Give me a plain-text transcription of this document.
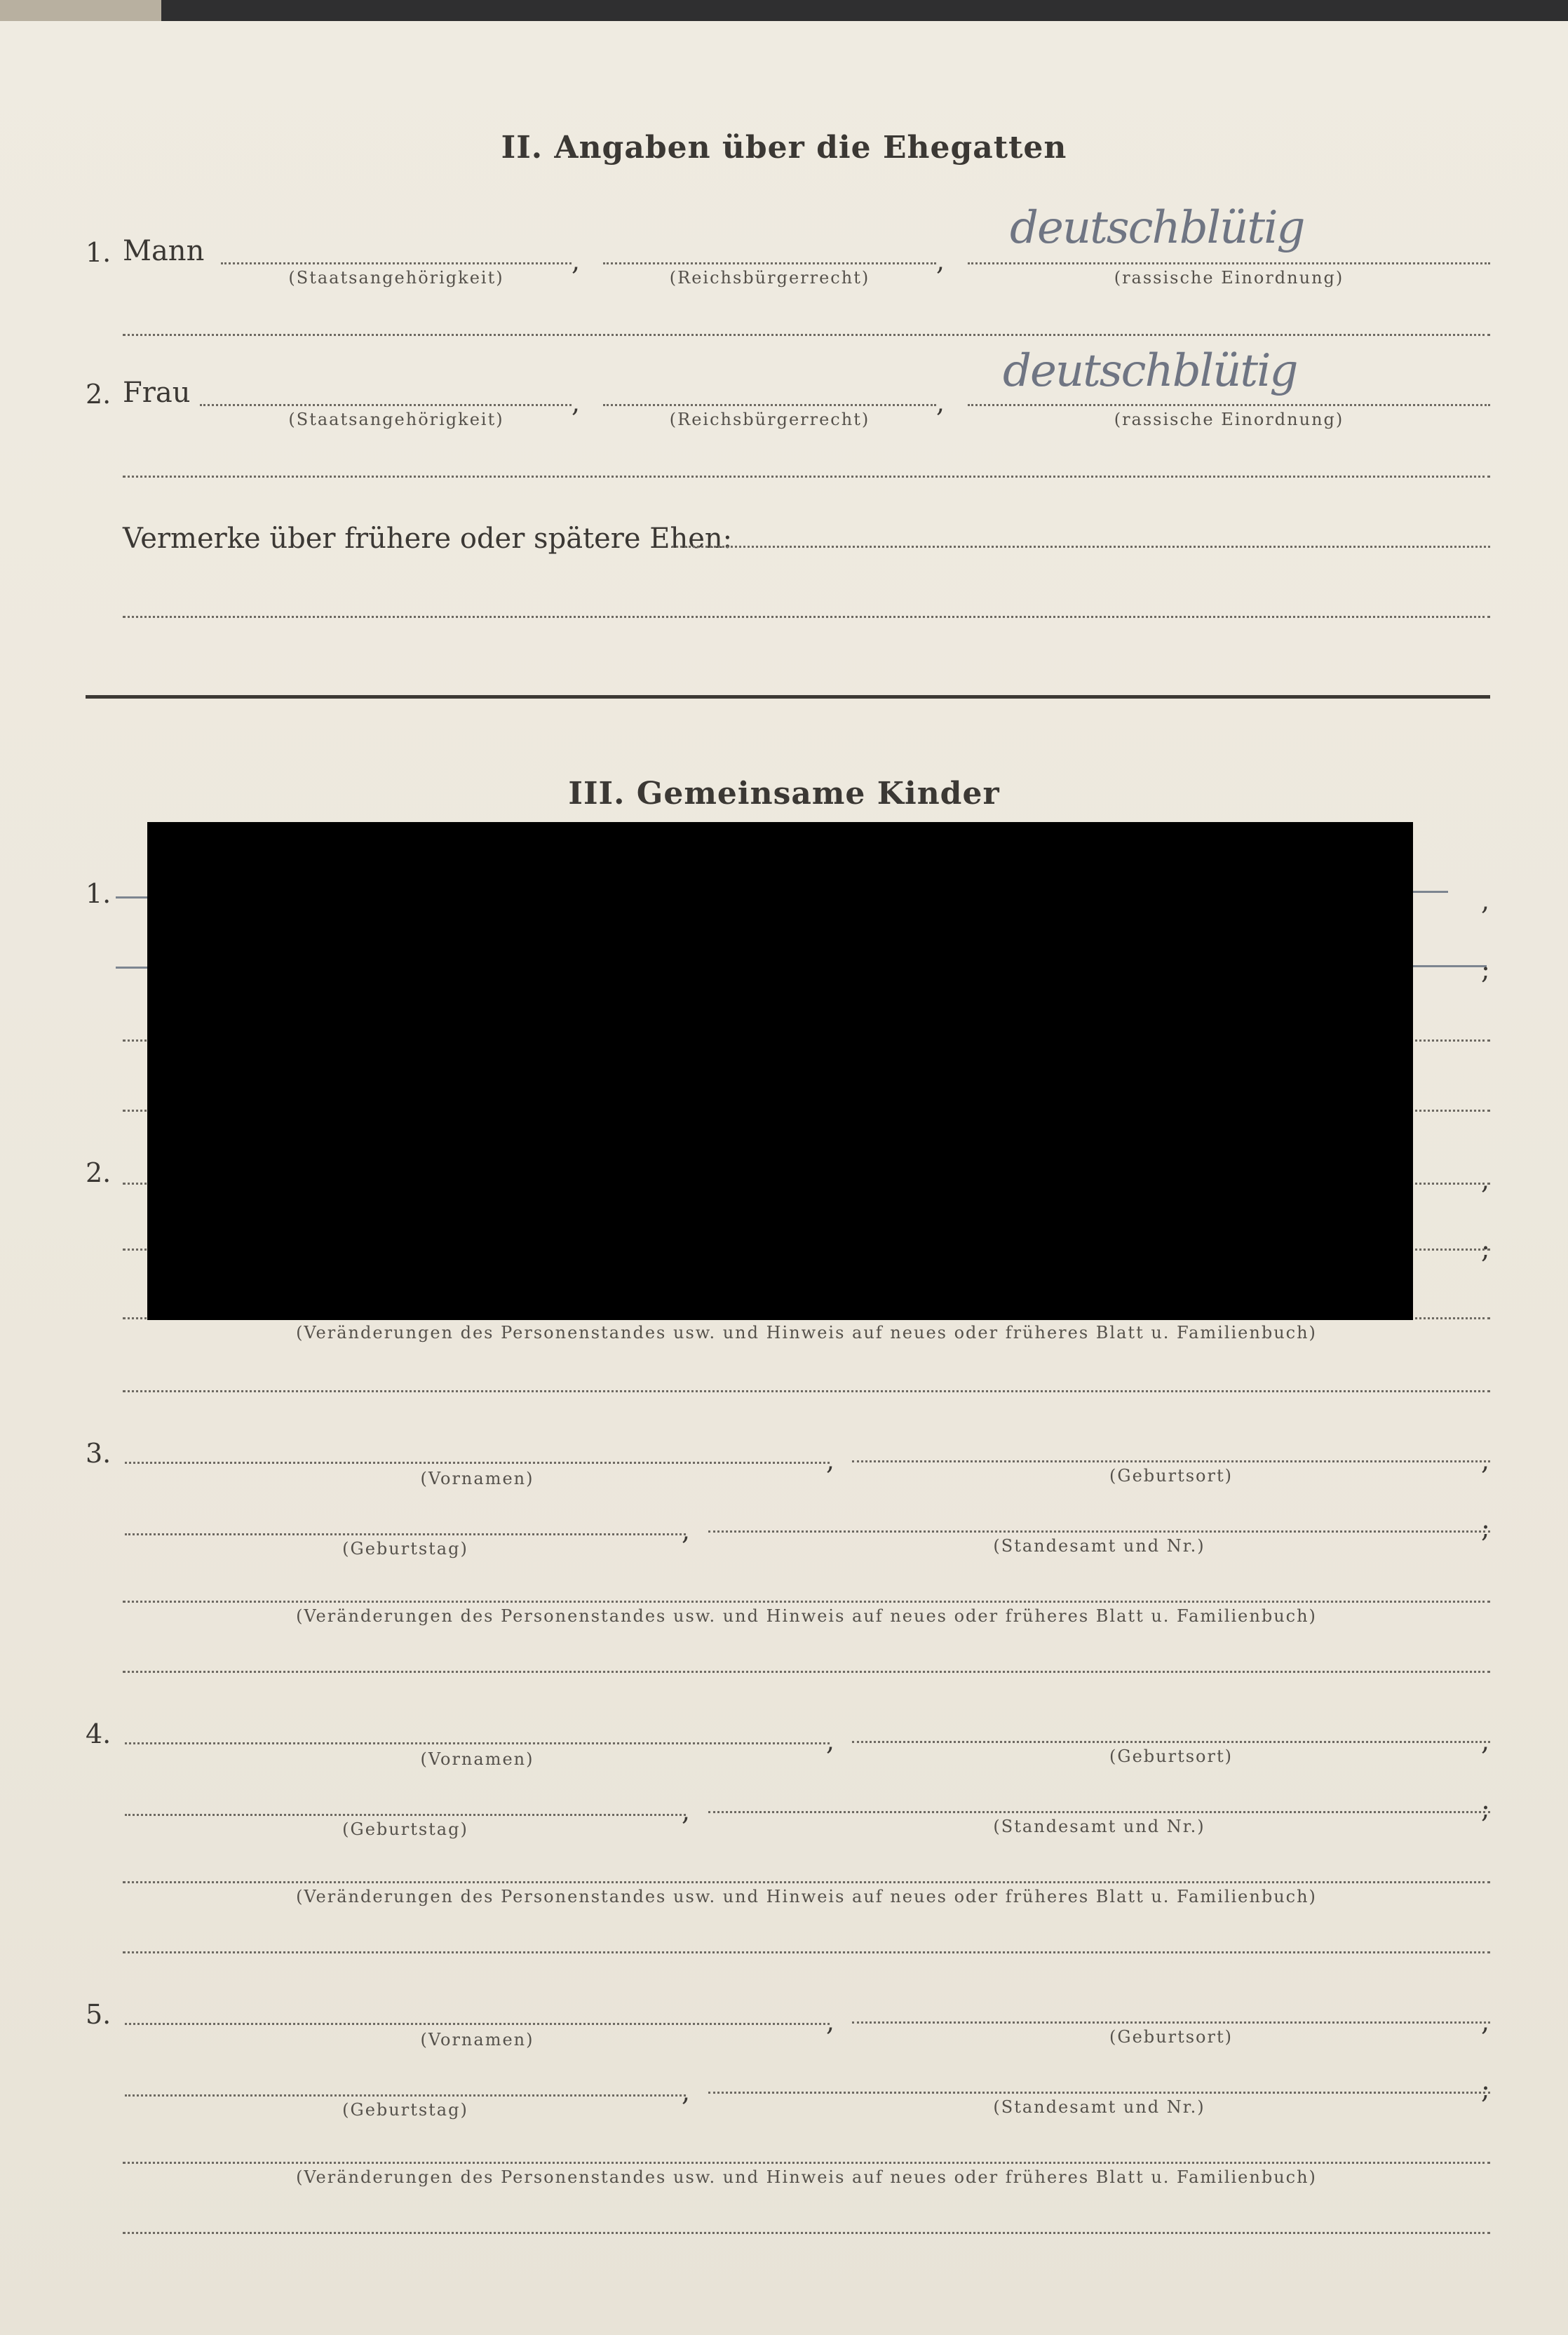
II. Angaben über die Ehegatten
1. Mann	,	,
(Staatsangehörigkeit)	(Reichsbürgerrecht)	(rassische Einordnung)
deutschblütig
2. Frau	,	,
(Staatsangehörigkeit)	(Reichsbürgerrecht)	(rassische Einordnung)
deutschblütig
Vermerke über frühere oder spätere Ehen:
III. Gemeinsame Kinder
1.	,
;
2.	,
;
(Veränderungen des Personenstandes usw. und Hinweis auf neues oder früheres Blatt u. Familienbuch)
3.	,	,
(Vornamen)	(Geburtsort)
,	;
(Geburtstag)	(Standesamt und Nr.)
(Veränderungen des Personenstandes usw. und Hinweis auf neues oder früheres Blatt u. Familienbuch)
4.	,	,
(Vornamen)	(Geburtsort)
,	;
(Geburtstag)	(Standesamt und Nr.)
(Veränderungen des Personenstandes usw. und Hinweis auf neues oder früheres Blatt u. Familienbuch)
5.	,	,
(Vornamen)	(Geburtsort)
,	;
(Geburtstag)	(Standesamt und Nr.)
(Veränderungen des Personenstandes usw. und Hinweis auf neues oder früheres Blatt u. Familienbuch)
